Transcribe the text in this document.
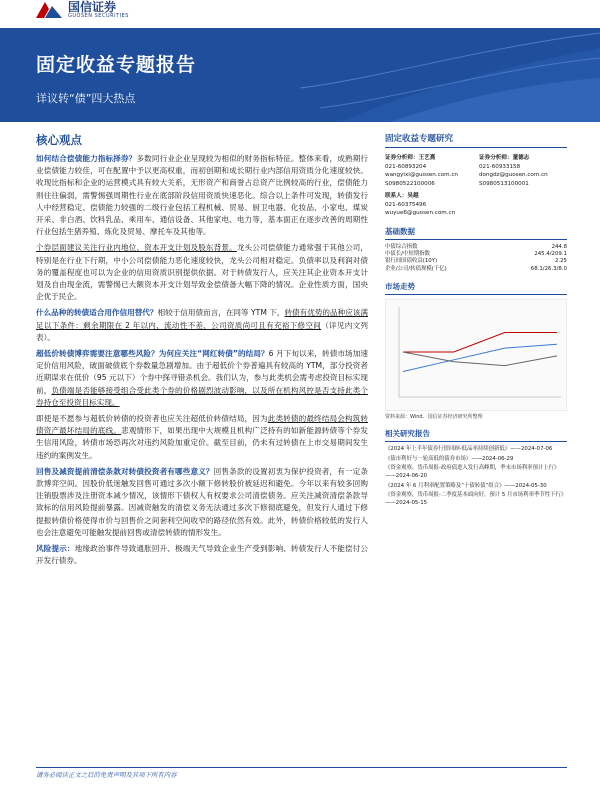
国信证券
GUOSEN SECURITIES
固定收益专题报告
详议转“债”四大热点
核心观点

如何结合偿债能力指标择券？多数同行业企业呈现较为相似的财务指标特征。整体来看，成熟期行业偿债能力较佳，可在配置中予以更高权重，而初创期和成长期行业内部信用资质分化速度较快。收现比指标和企业的运营模式具有较大关系，无形资产和商誉占总资产比例较高的行业，偿债能力则往往偏弱，需警惕强周期性行业在底部阶段信用资质快速恶化。综合以上条件可发现，转债发行人中经营稳定、偿债能力较强的二级行业包括工程机械、贸易、厨卫电器、化妆品、小家电、煤炭开采、非白酒、饮料乳品、乘用车、通信设备、其他家电、电力等，基本面正在逐步改善的周期性行业包括生猪养殖、炼化及贸易、摩托车及其他等。

个券层面建议关注行业内地位、资本开支计划及股东背景。龙头公司偿债能力通常强于其他公司，特别是在行业下行期，中小公司偿债能力恶化速度较快，龙头公司相对稳定。负债率以及利润对债务的覆盖程度也可以为企业的信用资质识别提供依据。对于转债发行人，应关注其企业资本开支计划及自由现金流，需警惕已大额资本开支计划导致金偿债备大幅下降的情况。企业性质方面，国央企优于民企。

什么品种的转债适合用作信用替代？相较于信用债而言，在同等 YTM 下，转债有优势的品种应该满足以下条件：剩余期限在 2 年以内、流动性不差、公司资质尚可且有充裕下修空间（详见内文列表）。

超低价转债博弈需要注意哪些风险？为何应关注“网红转债”的结局？6 月下旬以来，转债市场加速定价信用风险，破面破债底个券数量急剧增加。由于超低价个券普遍具有较高的 YTM，部分投资者近期谋求在低价（95 元以下）个券中探寻错杀机会。我们认为，参与此类机会需考虑投资目标实现前，负债端是否能够接受组合受此类个券的价格剧烈波动影响，以及所在机构风控是否支持此类个券持仓至投资目标实现。

即使是不愿参与超低价转债的投资者也应关注超低价转债结局，因为此类转债的最终结局会构筑转债资产最坏结局的底线。悲观情形下，如果出现中大规模且机构广泛持有的如新能源转债等个券发生信用风险，转债市场恐再次对违约风险加重定价。截至目前，仍未有过转债在上市交易期间发生违约的案例发生。

回售及减资提前清偿条款对转债投资者有哪些意义？回售条款的设置初衷为保护投资者，有一定条款博弈空间。因股价低迷触发回售可通过多次小额下修转股价被延迟和避免。今年以来有较多回购注销股票涉及注册资本减少情况，该情形下债权人有权要求公司清偿债务。应关注减资清偿条款导致标的信用风险提前暴露。因减资触发的清偿义务无法通过多次下修彻底避免，但发行人通过下修提振转债价格使得市价与回售价之间套利空间收窄的路径依然有效。此外，转债价格较低的发行人也会注意避免可能触发提前回售或清偿转债的情形发生。

风险提示：地缘政治事件导致通胀回升、极端天气导致企业生产受到影响、转债发行人不能偿付公开发行债券。

固定收益专题研究
证券分析师：王艺熹
021-60893204
wangyixi@guosen.com.cn
S0980522100006
证券分析师：董德志
021-60933158
dongdz@guosen.com.cn
S0980513100001
联系人：吴越
021-60375496
wuyue6@guosen.com.cn
基础数据
中债综合指数	244.8
中债长/中短期指数	245.4/209.1
银行间国债收益(10Y)	2.25
企业/公司/转债规模(千亿)	68.1/26.3/8.0
市场走势
资料来源：Wind、国信证券经济研究所整理
相关研究报告
《2024 年上半年债券行情回顾-低品率持续创新低》——2024-07-06
《债市利好与一轮高低的债券市场》——2024-06-29
《资金观察，货币周报-政府债进入发行高峰期，季末市场利率预计上行》——2024-06-20
《2024 年 6 月利率配置策略及“十债转债”组合》——2024-05-30
《资金观察，货币周报-二季度基本面向好，预计 5 月市场利率季节性下行》——2024-05-15
请务必阅读正文之后的免责声明及其项下所有内容
